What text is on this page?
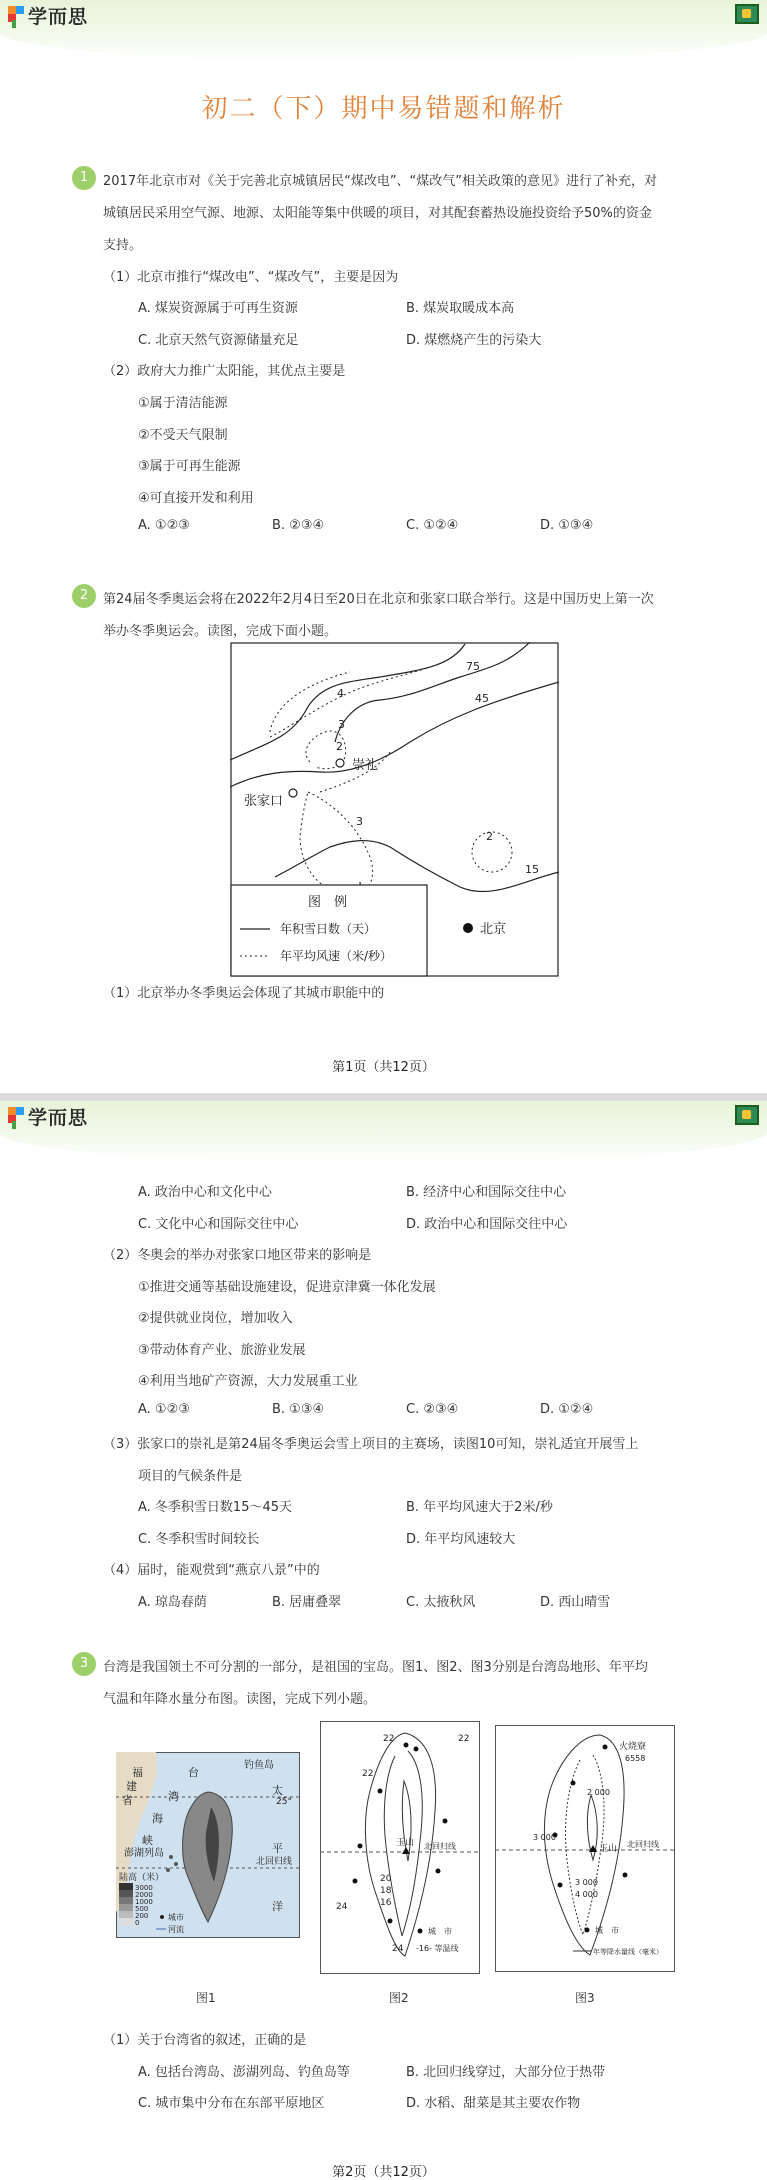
学而思
初二（下）期中易错题和解析
1	2017年北京市对《关于完善北京城镇居民“煤改电”、“煤改气”相关政策的意见》进行了补充，对
城镇居民采用空气源、地源、太阳能等集中供暖的项目，对其配套蓄热设施投资给予50%的资金
支持。
（1）北京市推行“煤改电”、“煤改气”，主要是因为
A. 煤炭资源属于可再生资源	B. 煤炭取暖成本高
C. 北京天然气资源储量充足	D. 煤燃烧产生的污染大
（2）政府大力推广太阳能，其优点主要是
①属于清洁能源
②不受天气限制
③属于可再生能源
④可直接开发和利用
A. ①②③	B. ②③④	C. ①②④	D. ①③④
2	第24届冬季奥运会将在2022年2月4日至20日在北京和张家口联合举行。这是中国历史上第一次
举办冬季奥运会。读图，完成下面小题。
崇礼
张家口
4
3
2
75
45
3
2
15
图　例
年积雪日数（天）
年平均风速（米/秒）
北京
（1）北京举办冬季奥运会体现了其城市职能中的
第1页（共12页）
学而思
A. 政治中心和文化中心	B. 经济中心和国际交往中心
C. 文化中心和国际交往中心	D. 政治中心和国际交往中心
（2）冬奥会的举办对张家口地区带来的影响是
①推进交通等基础设施建设，促进京津冀一体化发展
②提供就业岗位，增加收入
③带动体育产业、旅游业发展
④利用当地矿产资源，大力发展重工业
A. ①②③	B. ①③④	C. ②③④	D. ①②④
（3）张家口的崇礼是第24届冬季奥运会雪上项目的主赛场，读图10可知，崇礼适宜开展雪上
项目的气候条件是
A. 冬季积雪日数15～45天	B. 年平均风速大于2米/秒
C. 冬季积雪时间较长	D. 年平均风速较大
（4）届时，能观赏到“燕京八景”中的
A. 琼岛春荫	B. 居庸叠翠	C. 太掖秋风	D. 西山晴雪
3	台湾是我国领土不可分割的一部分，是祖国的宝岛。图1、图2、图3分别是台湾岛地形、年平均
气温和年降水量分布图。读图，完成下列小题。
福
建
省
台
湾
海
峡
钓鱼岛
太
25°
平
洋
澎湖列岛
北回归线
陆高（米）
3000
2000
1000
500
200
0
城市
河流
图1
22	22
22
24
24
20
18
16
玉山 北回归线
城　市
-16- 等温线
图2
火烧寮
6558
玉山 北回归线
2 000
3 000
4 000
3 000
城　市
年等降水量线（毫米）
图3
（1）关于台湾省的叙述，正确的是
A. 包括台湾岛、澎湖列岛、钓鱼岛等	B. 北回归线穿过，大部分位于热带
C. 城市集中分布在东部平原地区	D. 水稻、甜菜是其主要农作物
第2页（共12页）
